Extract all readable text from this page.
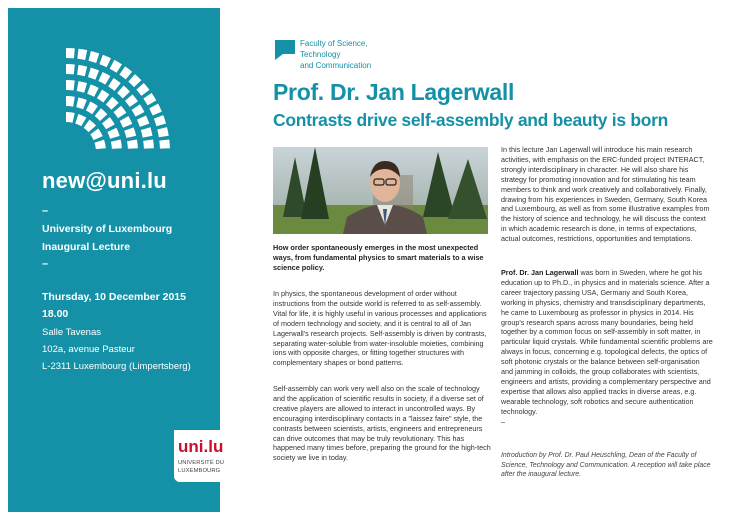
new@uni.lu
–
University of Luxembourg
Inaugural Lecture
–
Thursday, 10 December 2015
18.00
Salle Tavenas
102a, avenue Pasteur
L-2311 Luxembourg (Limpertsberg)
uni.lu
UNIVERSITÉ DU
LUXEMBOURG
Faculty of Science,
Technology
and Communication
Prof. Dr. Jan Lagerwall
Contrasts drive self-assembly and beauty is born
How order spontaneously emerges in the most unexpected ways, from fundamental physics to smart materials to a wise science policy.
In physics, the spontaneous development of order without instructions from the outside world is referred to as self-assembly. Vital for life, it is highly useful in various processes and applications of modern technology and society, and it is central to all of Jan Lagerwall's research projects. Self-assembly is driven by contrasts, separating water-soluble from water-insoluble moieties, combining ions with opposite charges, or fitting together structures with complementary shapes or bond patterns.
Self-assembly can work very well also on the scale of technology and the application of scientific results in society, if a diverse set of creative players are allowed to interact in uncontrolled ways. By encouraging interdisciplinary contacts in a "laissez faire" style, the contrasts between scientists, artists, engineers and entrepreneurs can drive outcomes that may be truly revolutionary. This has happened many times before, preparing the ground for the high-tech society we live in today.
In this lecture Jan Lagerwall will introduce his main research activities, with emphasis on the ERC-funded project INTERACT, strongly interdisciplinary in character. He will also share his strategy for promoting innovation and for stimulating his team members to think and work creatively and collaboratively. Finally, drawing from his experiences in Sweden, Germany, South Korea and Luxembourg, as well as from some illustrative examples from the history of science and technology, he will discuss the context in which academic research is done, in terms of expectations, actual outcomes, restrictions, opportunities and temptations.
Prof. Dr. Jan Lagerwall was born in Sweden, where he got his education up to Ph.D., in physics and in materials science. After a career trajectory passing USA, Germany and South Korea, working in physics, chemistry and transdisciplinary departments, he came to Luxembourg as professor in physics in 2014. His group's research spans across many boundaries, being held together by a common focus on self-assembly in soft matter, in particular liquid crystals. While fundamental scientific problems are always in focus, concerning e.g. topological defects, the optics of soft photonic crystals or the balance between self-organisation and jamming in colloids, the group collaborates with scientists, engineers and artists, providing a complementary perspective and expertise that allows also applied tracks in diverse areas, e.g. wearable technology, soft robotics and secure authentication technology.
–
Introduction by Prof. Dr. Paul Heuschling, Dean of the Faculty of Science, Technology and Communication. A reception will take place after the inaugural lecture.
